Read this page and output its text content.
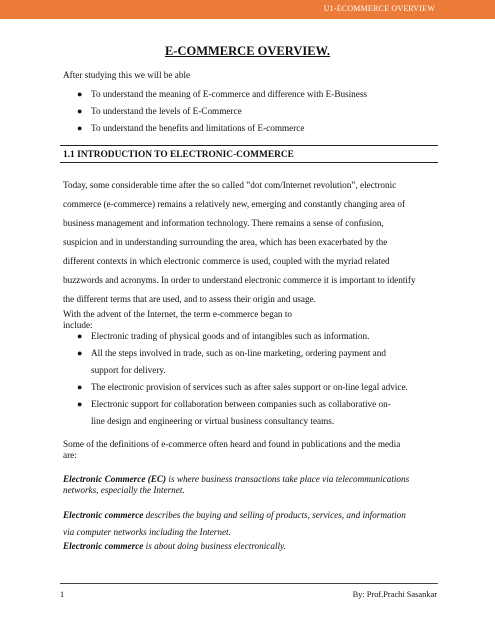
U1-ECOMMERCE OVERVIEW
E-COMMERCE OVERVIEW.
After studying this we will be able
● To understand the meaning of E-commerce and difference with E-Business
● To understand the levels of E-Commerce
● To understand the benefits and limitations of E-commerce
1.1 INTRODUCTION TO ELECTRONIC-COMMERCE
Today, some considerable time after the so called ‟dot com/Internet revolution‟, electronic
commerce (e-commerce) remains a relatively new, emerging and constantly changing area of
business management and information technology. There remains a sense of confusion,
suspicion and in understanding surrounding the area, which has been exacerbated by the
different contexts in which electronic commerce is used, coupled with the myriad related
buzzwords and acronyms. In order to understand electronic commerce it is important to identify
the different terms that are used, and to assess their origin and usage.
With the advent of the Internet, the term e-commerce began to
include:
● Electronic trading of physical goods and of intangibles such as information.
● All the steps involved in trade, such as on-line marketing, ordering payment and
support for delivery.
● The electronic provision of services such as after sales support or on-line legal advice.
● Electronic support for collaboration between companies such as collaborative on-
line design and engineering or virtual business consultancy teams.
Some of the definitions of e-commerce often heard and found in publications and the media
are:
Electronic Commerce (EC) is where business transactions take place via telecommunications
networks, especially the Internet.
Electronic commerce describes the buying and selling of products, services, and information
via computer networks including the Internet.
Electronic commerce is about doing business electronically.
1	By: Prof.Prachi Sasankar
